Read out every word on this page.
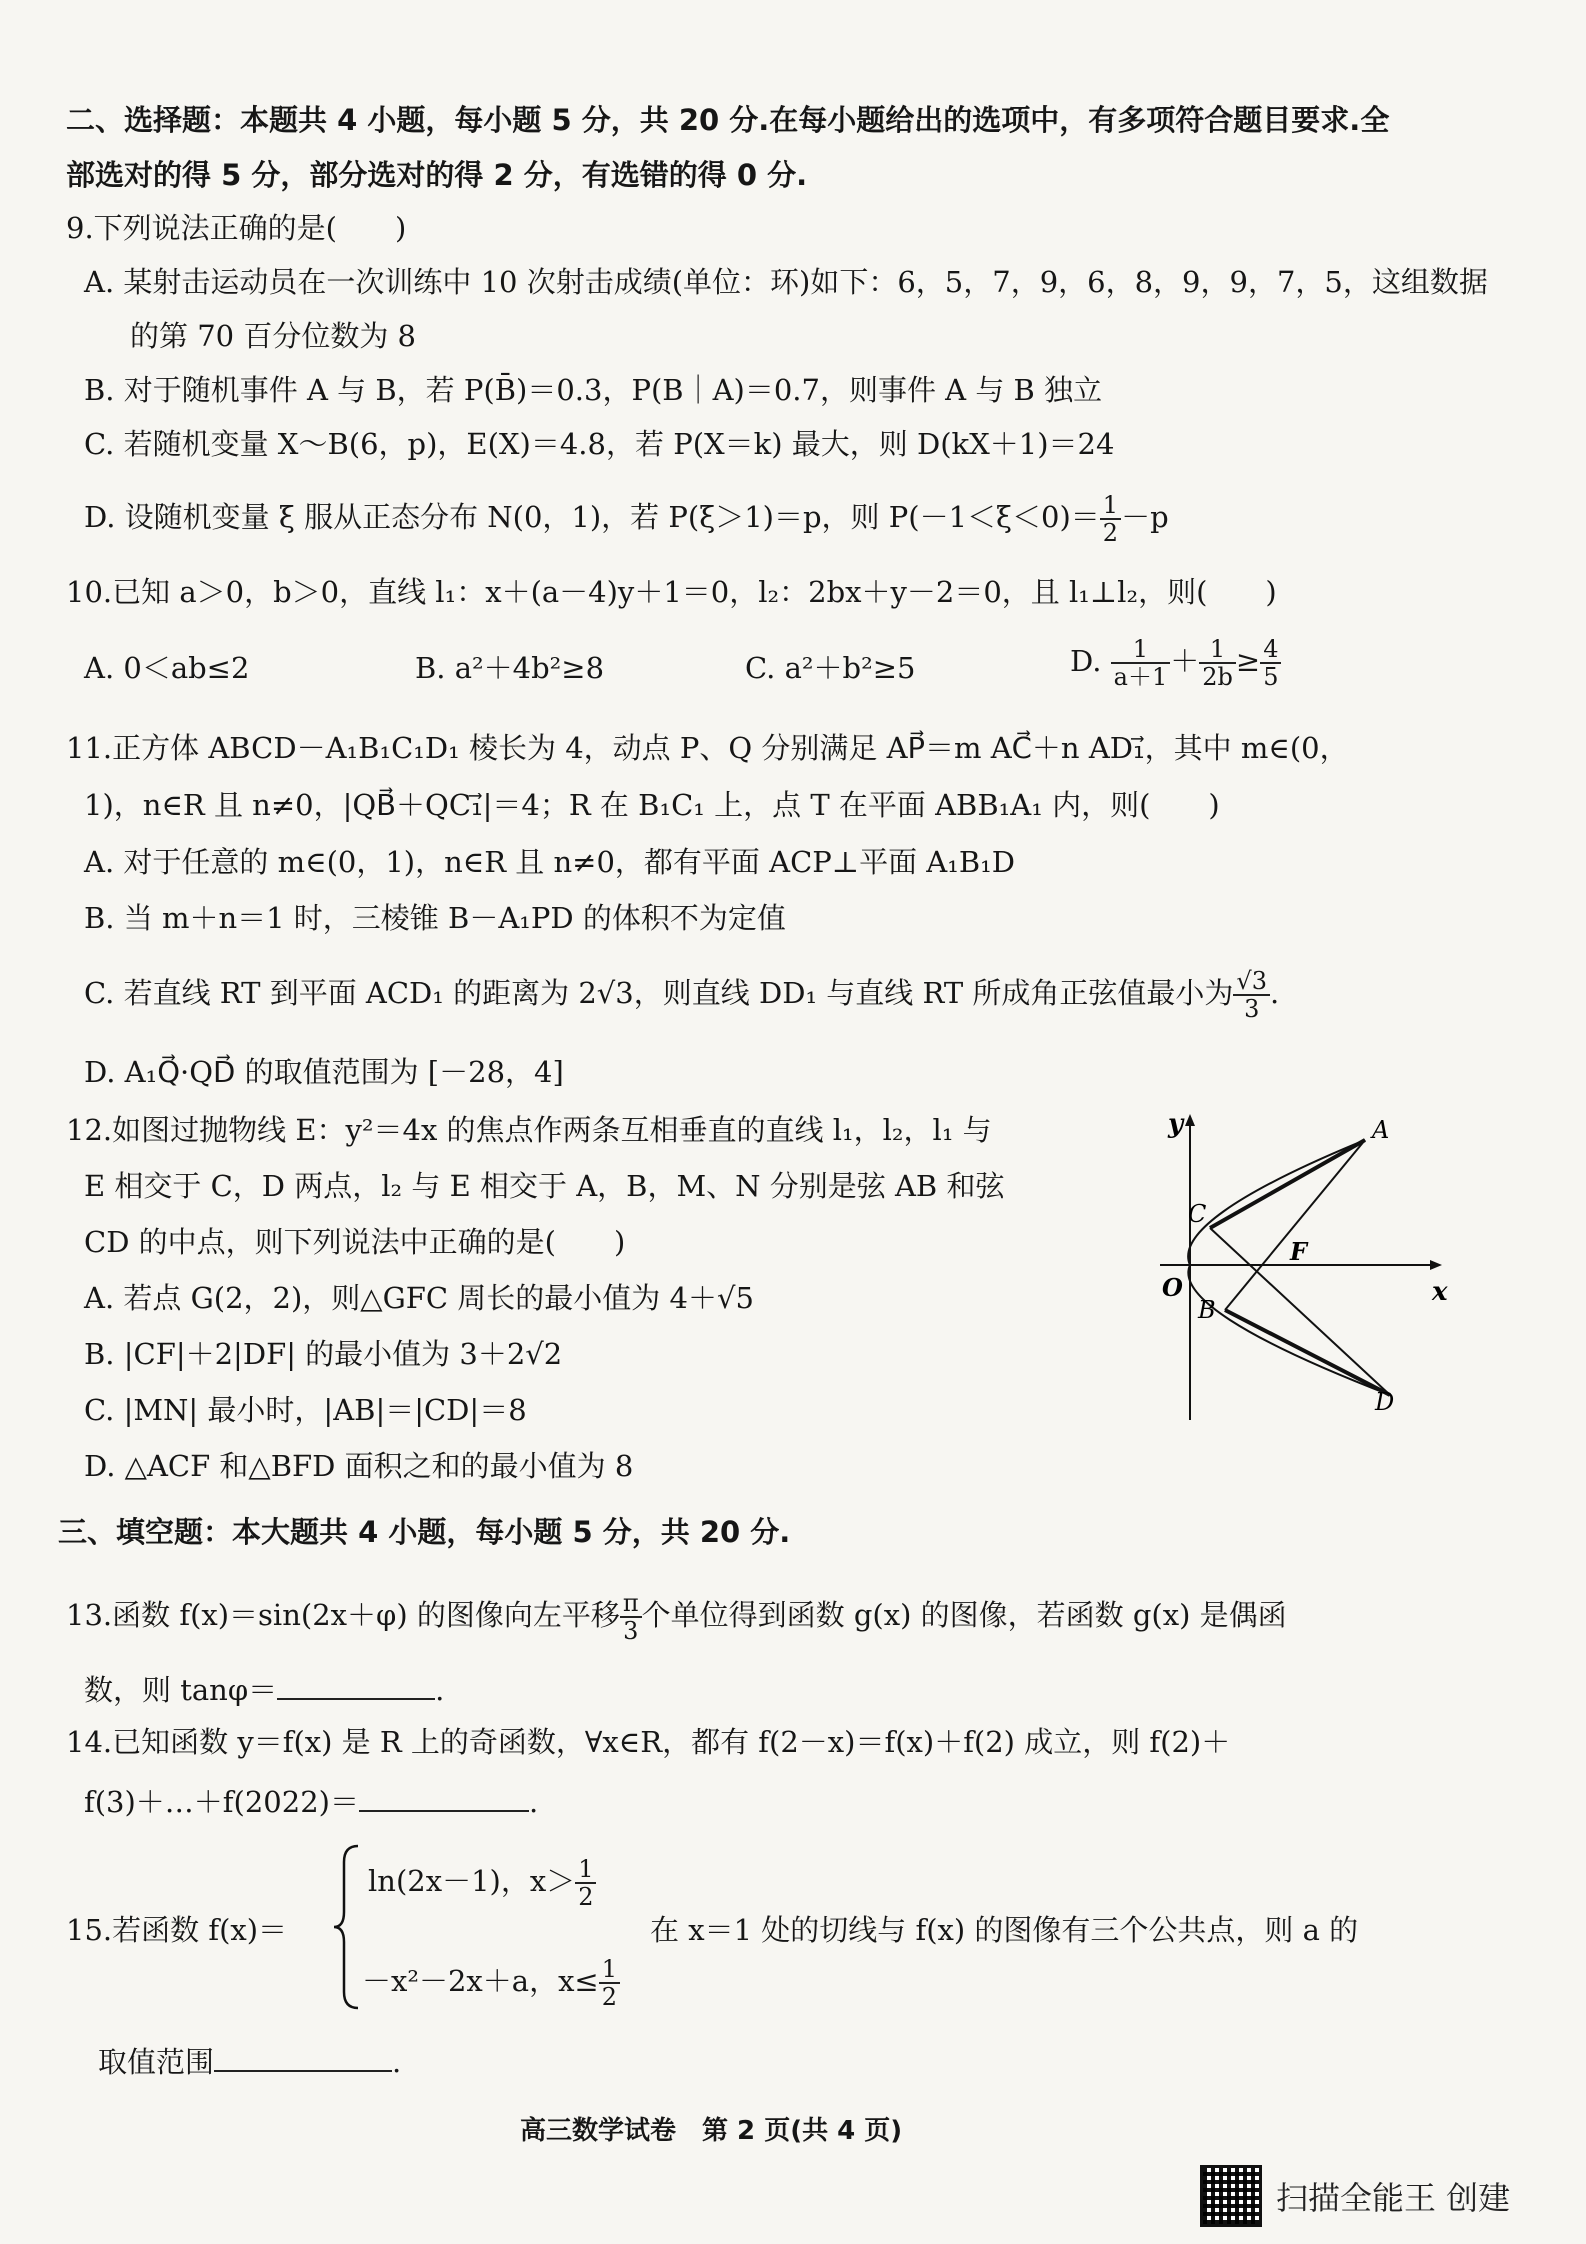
二、选择题：本题共 4 小题，每小题 5 分，共 20 分.在每小题给出的选项中，有多项符合题目要求.全
部选对的得 5 分，部分选对的得 2 分，有选错的得 0 分.
9.下列说法正确的是(　　)
A. 某射击运动员在一次训练中 10 次射击成绩(单位：环)如下：6，5，7，9，6，8，9，9，7，5，这组数据
的第 70 百分位数为 8
B. 对于随机事件 A 与 B，若 P(B̄)＝0.3，P(B｜A)＝0.7，则事件 A 与 B 独立
C. 若随机变量 X～B(6，p)，E(X)＝4.8，若 P(X＝k) 最大，则 D(kX＋1)＝24
D. 设随机变量 ξ 服从正态分布 N(0，1)，若 P(ξ＞1)＝p，则 $P(-1<\xi<0)= \frac{1}{2} -p$
10.已知 a＞0，b＞0，直线 l₁：x＋(a－4)y＋1＝0，l₂：2bx＋y－2＝0，且 l₁⊥l₂，则(　　)
A. 0＜ab≤2	B. a²＋4b²≥8	C. a²＋b²≥5	D. $\frac{1}{a+1} + \frac{1}{2b} \ge \frac{4}{5}$
11.正方体 ABCD－A₁B₁C₁D₁ 棱长为 4，动点 P、Q 分别满足 AP⃗＝m AC⃗＋n AD₁⃗，其中 m∈(0，
1)，n∈R 且 n≠0，|QB⃗＋QC₁⃗|＝4；R 在 B₁C₁ 上，点 T 在平面 ABB₁A₁ 内，则(　　)
A. 对于任意的 m∈(0，1)，n∈R 且 n≠0，都有平面 ACP⊥平面 A₁B₁D
B. 当 m＋n＝1 时，三棱锥 B－A₁PD 的体积不为定值
C. 若直线 RT 到平面 ACD₁ 的距离为 2√3，则直线 DD₁ 与直线 RT 所成角正弦值最小为 $\frac{√3}{3}$ .
D. A₁Q⃗·QD⃗ 的取值范围为 [－28，4]
12.如图过抛物线 E：y²＝4x 的焦点作两条互相垂直的直线 l₁，l₂，l₁ 与
E 相交于 C，D 两点，l₂ 与 E 相交于 A，B，M、N 分别是弦 AB 和弦
CD 的中点，则下列说法中正确的是(　　)
A. 若点 G(2，2)，则△GFC 周长的最小值为 4＋√5
B. |CF|＋2|DF| 的最小值为 3＋2√2
C. |MN| 最小时，|AB|＝|CD|＝8
D. △ACF 和△BFD 面积之和的最小值为 8
y
x
O
F
A
B
C
D
三、填空题：本大题共 4 小题，每小题 5 分，共 20 分.
13.函数 f(x)＝sin(2x＋φ) 的图像向左平移 $\frac{\pi}{3}$ 个单位得到函数 g(x) 的图像，若函数 g(x) 是偶函
数，则 tanφ＝	.
14.已知函数 y＝f(x) 是 R 上的奇函数，∀x∈R，都有 f(2－x)＝f(x)＋f(2) 成立，则 f(2)＋
f(3)＋…＋f(2022)＝	.
15.若函数 f(x)＝
ln(2x－1)，$x> \frac{1}{2}$
－x²－2x＋a，$x\le \frac{1}{2}$
在 x＝1 处的切线与 f(x) 的图像有三个公共点，则 a 的
取值范围	.
高三数学试卷　第 2 页(共 4 页)
扫描全能王 创建
